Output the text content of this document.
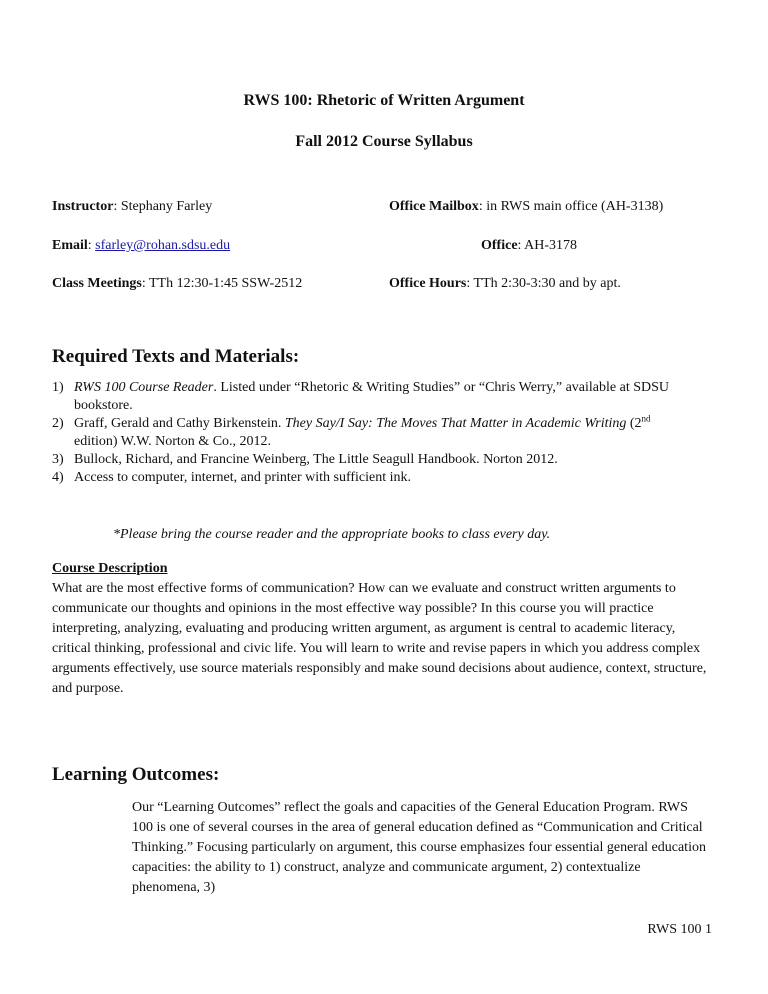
RWS 100: Rhetoric of Written Argument
Fall 2012 Course Syllabus
Instructor: Stephany Farley
Email: sfarley@rohan.sdsu.edu
Class Meetings: TTh 12:30-1:45 SSW-2512
Office Mailbox: in RWS main office (AH-3138)
Office: AH-3178
Office Hours: TTh 2:30-3:30 and by apt.
Required Texts and Materials:
1) RWS 100 Course Reader. Listed under “Rhetoric & Writing Studies” or “Chris Werry,” available at SDSU bookstore.
2) Graff, Gerald and Cathy Birkenstein. They Say/I Say: The Moves That Matter in Academic Writing (2nd edition) W.W. Norton & Co., 2012.
3) Bullock, Richard, and Francine Weinberg, The Little Seagull Handbook. Norton 2012.
4) Access to computer, internet, and printer with sufficient ink.
*Please bring the course reader and the appropriate books to class every day.
Course Description
What are the most effective forms of communication? How can we evaluate and construct written arguments to communicate our thoughts and opinions in the most effective way possible? In this course you will practice interpreting, analyzing, evaluating and producing written argument, as argument is central to academic literacy, critical thinking, professional and civic life. You will learn to write and revise papers in which you address complex arguments effectively, use source materials responsibly and make sound decisions about audience, context, structure, and purpose.
Learning Outcomes:
Our “Learning Outcomes” reflect the goals and capacities of the General Education Program. RWS 100 is one of several courses in the area of general education defined as “Communication and Critical Thinking.” Focusing particularly on argument, this course emphasizes four essential general education capacities: the ability to 1) construct, analyze and communicate argument, 2) contextualize phenomena, 3)
RWS 100 1
